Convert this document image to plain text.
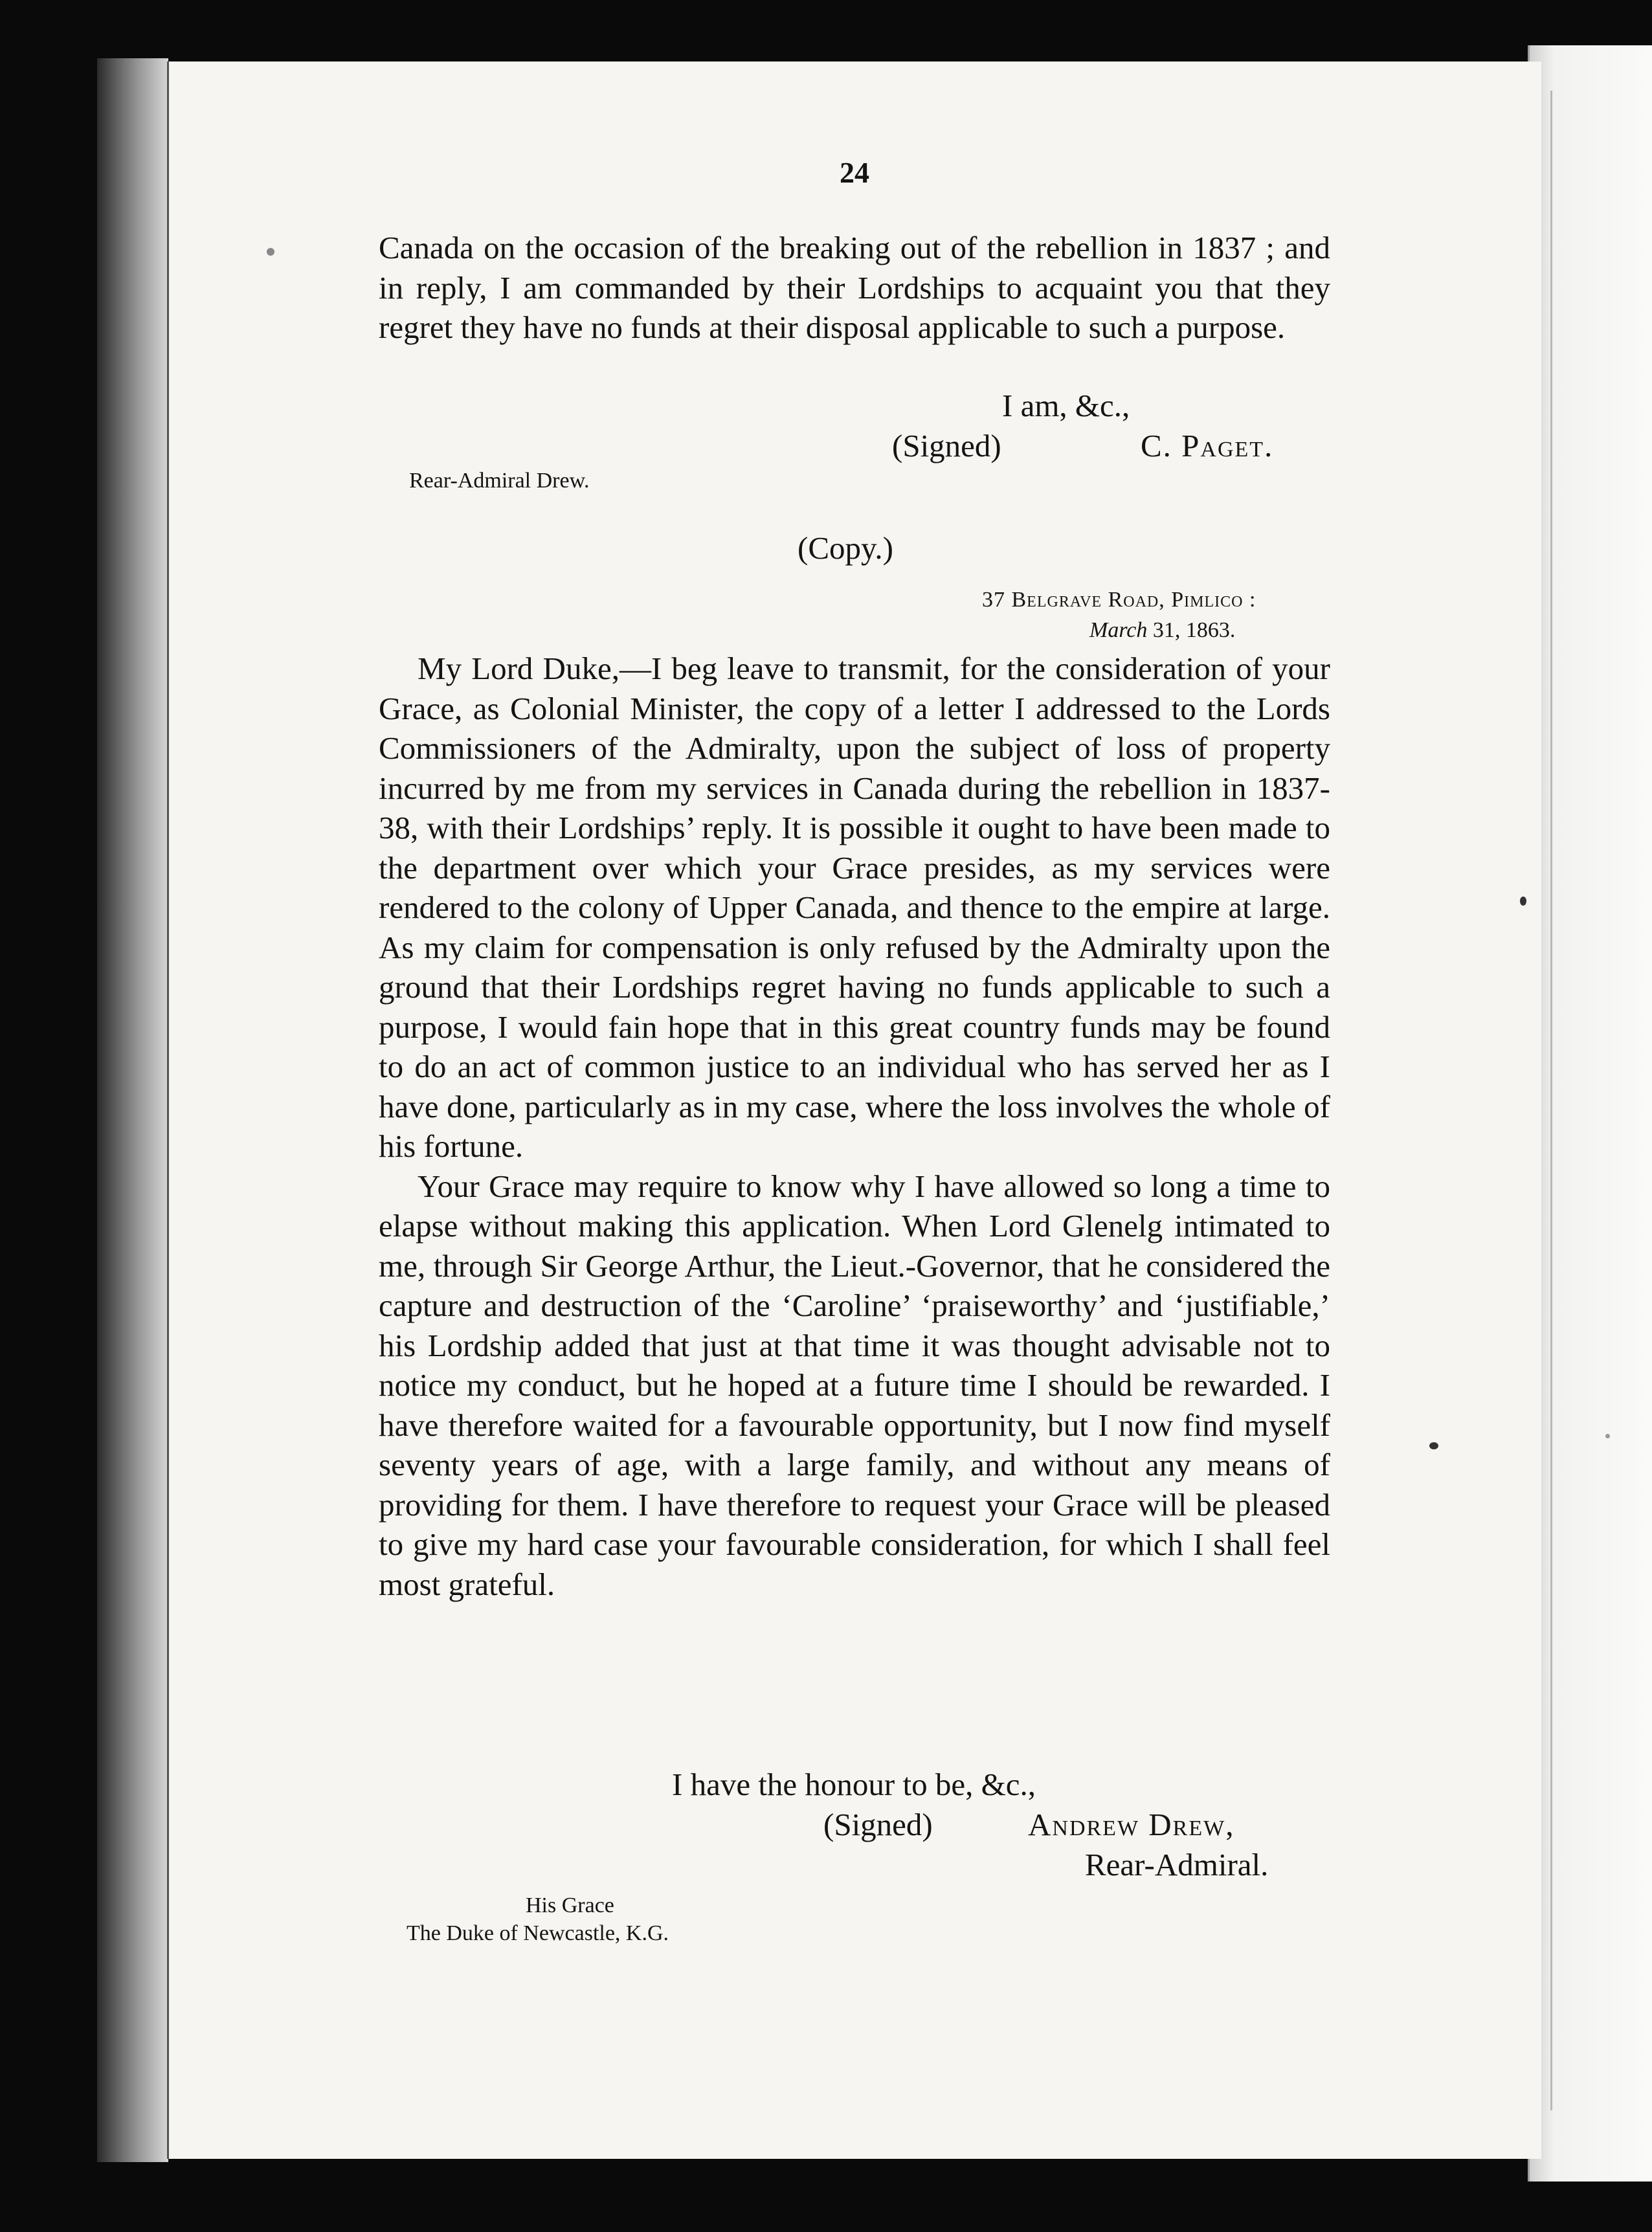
24

Canada on the occasion of the breaking out of the rebellion in 1837 ; and in reply, I am commanded by their Lordships to acquaint you that they regret they have no funds at their disposal applicable to such a purpose.

I am, &c.,
(Signed)	C. Paget.
Rear-Admiral Drew.
(Copy.)
37 Belgrave Road, Pimlico :
March 31, 1863.

My Lord Duke,—I beg leave to transmit, for the consideration of your Grace, as Colonial Minister, the copy of a letter I addressed to the Lords Commissioners of the Admiralty, upon the subject of loss of property incurred by me from my services in Canada during the rebellion in 1837-38, with their Lordships’ reply. It is possible it ought to have been made to the department over which your Grace presides, as my services were rendered to the colony of Upper Canada, and thence to the empire at large. As my claim for compensation is only refused by the Admiralty upon the ground that their Lordships regret having no funds applicable to such a purpose, I would fain hope that in this great country funds may be found to do an act of common justice to an individual who has served her as I have done, particularly as in my case, where the loss involves the whole of his fortune.

Your Grace may require to know why I have allowed so long a time to elapse without making this application. When Lord Glenelg intimated to me, through Sir George Arthur, the Lieut.-Governor, that he considered the capture and destruction of the ‘Caroline’ ‘praiseworthy’ and ‘justifiable,’ his Lordship added that just at that time it was thought advisable not to notice my conduct, but he hoped at a future time I should be rewarded. I have therefore waited for a favourable opportunity, but I now find myself seventy years of age, with a large family, and without any means of providing for them. I have therefore to request your Grace will be pleased to give my hard case your favourable consideration, for which I shall feel most grateful.

I have the honour to be, &c.,
(Signed)	Andrew Drew,
Rear-Admiral.
His Grace
The Duke of Newcastle, K.G.
